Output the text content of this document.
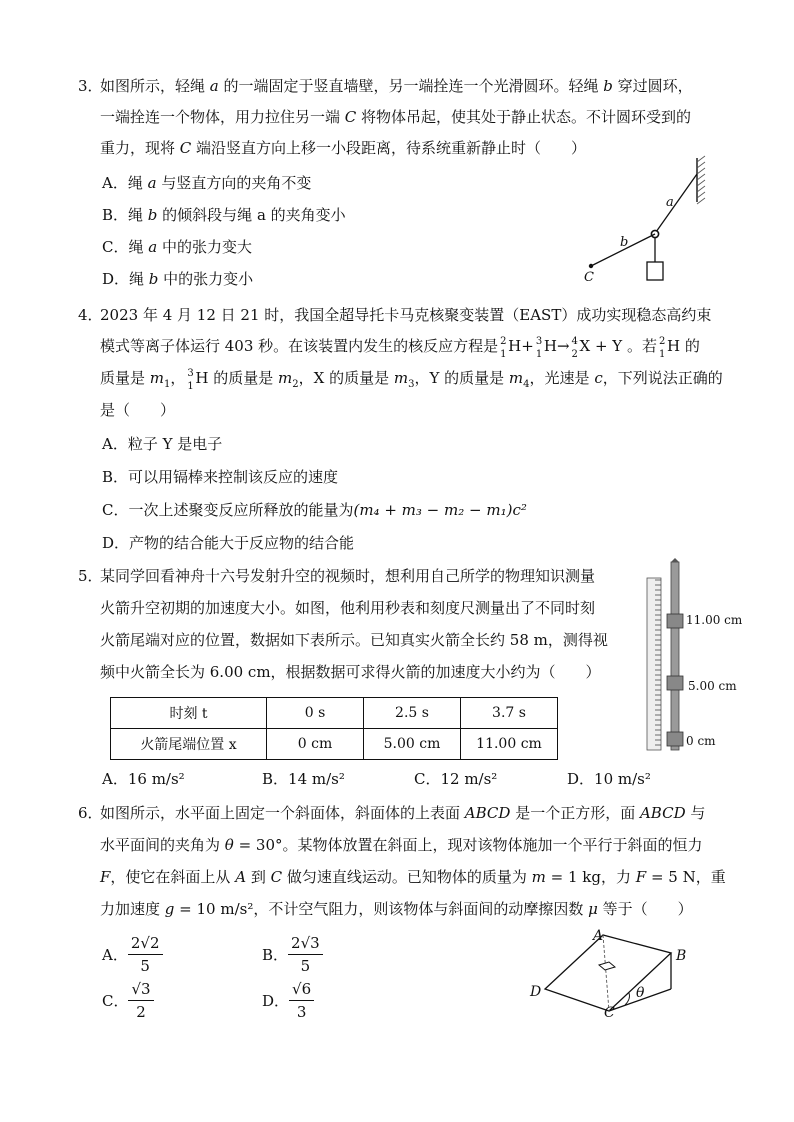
3．
如图所示，轻绳 a 的一端固定于竖直墙壁，另一端拴连一个光滑圆环。轻绳 b 穿过圆环，
一端拴连一个物体，用力拉住另一端 C 将物体吊起，使其处于静止状态。不计圆环受到的
重力，现将 C 端沿竖直方向上移一小段距离，待系统重新静止时（　　）
A．绳 a 与竖直方向的夹角不变
B．绳 b 的倾斜段与绳 a 的夹角变小
C．绳 a 中的张力变大
D．绳 b 中的张力变小
a
b
C
4．
2023 年 4 月 12 日 21 时，我国全超导托卡马克核聚变装置（EAST）成功实现稳态高约束
模式等离子体运行 403 秒。在该装置内发生的核反应方程是 2
1 H+ 3
1 H→ 4
2 X + Y 。若 2
1 H 的
质量是 $m_1$， 3
1 H 的质量是 $m_2$，X 的质量是 $m_3$，Y 的质量是 $m_4$，光速是 c，下列说法正确的
是（　　）
A．粒子 Y 是电子
B．可以用镉棒来控制该反应的速度
C．一次上述聚变反应所释放的能量为(m₄ + m₃ − m₂ − m₁)c²
D．产物的结合能大于反应物的结合能
5．
某同学回看神舟十六号发射升空的视频时，想利用自己所学的物理知识测量
火箭升空初期的加速度大小。如图，他利用秒表和刻度尺测量出了不同时刻
火箭尾端对应的位置，数据如下表所示。已知真实火箭全长约 58 m，测得视
频中火箭全长为 6.00 cm，根据数据可求得火箭的加速度大小约为（　　）
时刻 t	0 s	2.5 s	3.7 s
火箭尾端位置 x	0 cm	5.00 cm	11.00 cm
A．16 m/s²	B．14 m/s²	C．12 m/s²	D．10 m/s²
11.00 cm
5.00 cm
0 cm
6．
如图所示，水平面上固定一个斜面体，斜面体的上表面 ABCD 是一个正方形，面 ABCD 与
水平面间的夹角为 θ = 30°。某物体放置在斜面上，现对该物体施加一个平行于斜面的恒力
F，使它在斜面上从 A 到 C 做匀速直线运动。已知物体的质量为 m = 1 kg，力 F = 5 N，重
力加速度 g = 10 m/s²，不计空气阻力，则该物体与斜面间的动摩擦因数 μ 等于（　　）
A． $\frac{2√2}{5}$	B． $\frac{2√3}{5}$
C． $\frac{√3}{2}$	D． $\frac{√6}{3}$
A
B
C
D	θ
